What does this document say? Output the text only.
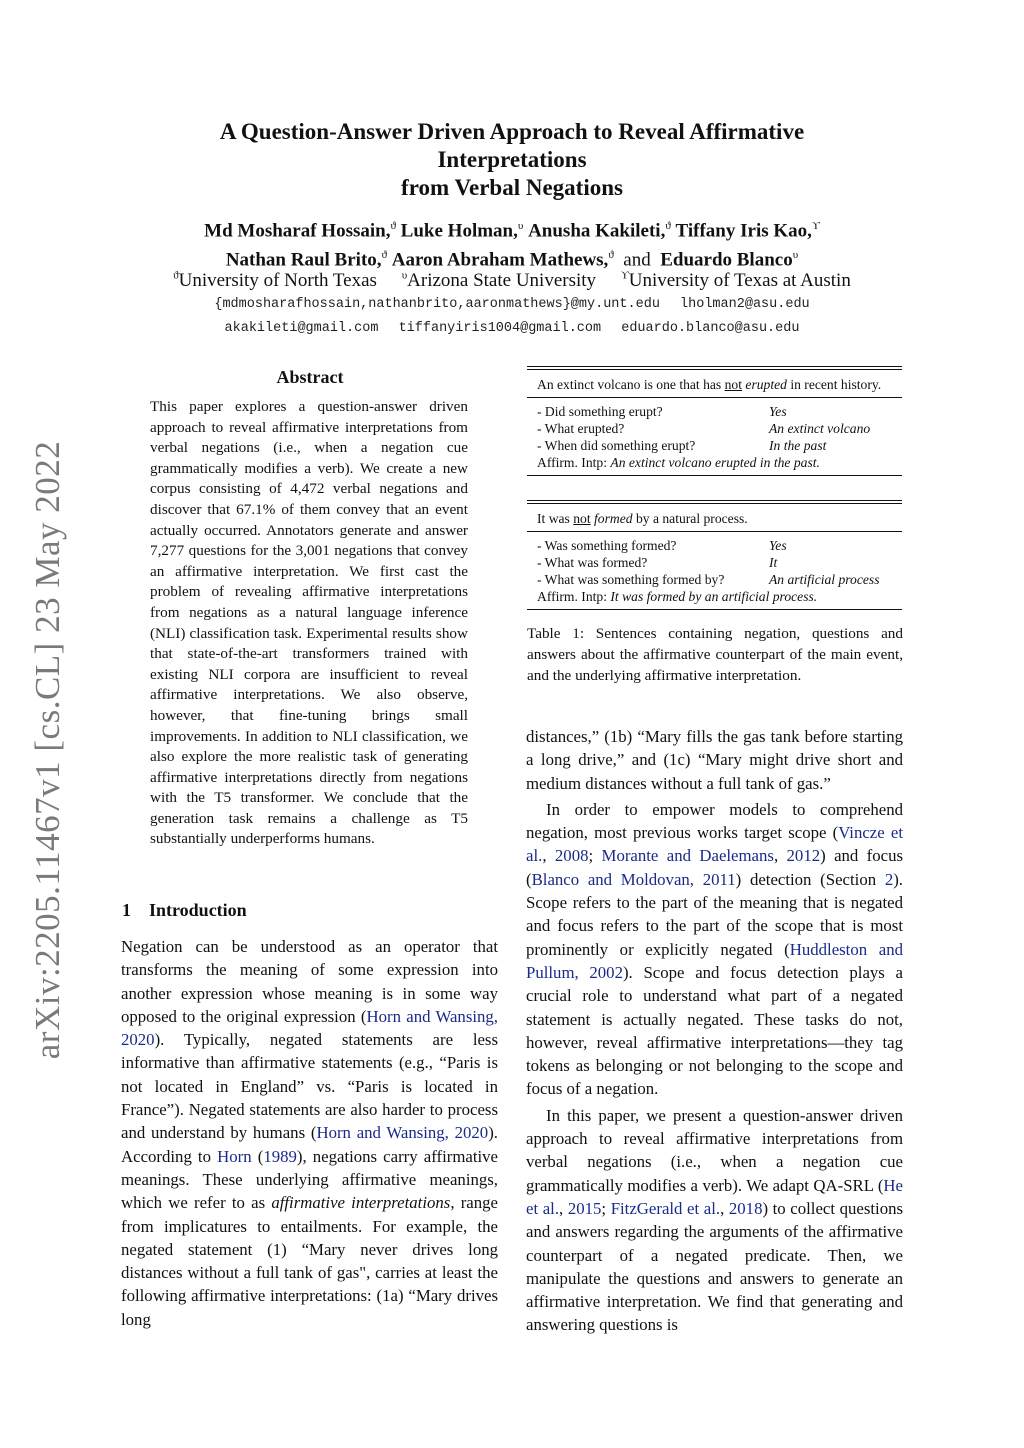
arXiv:2205.11467v1 [cs.CL] 23 May 2022
A Question-Answer Driven Approach to Reveal Affirmative
Interpretations
from Verbal Negations
Md Mosharaf Hossain,$^ϑ$ Luke Holman,$^\upsilon$ Anusha Kakileti,$^ϑ$ Tiffany Iris Kao,$^ϒ$
Nathan Raul Brito,$^ϑ$ Aaron Abraham Mathews,$^ϑ$ and Eduardo Blanco$^\upsilon$
$^ϑ$University of North Texas $^\upsilon$Arizona State University $^ϒ$University of Texas at Austin
{mdmosharafhossain,nathanbrito,aaronmathews}@my.unt.edu lholman2@asu.edu
akakileti@gmail.com tiffanyiris1004@gmail.com eduardo.blanco@asu.edu
Abstract
This paper explores a question-answer driven approach to reveal affirmative interpretations from verbal negations (i.e., when a negation cue grammatically modifies a verb). We create a new corpus consisting of 4,472 verbal negations and discover that 67.1% of them convey that an event actually occurred. Annotators generate and answer 7,277 questions for the 3,001 negations that convey an affirmative interpretation. We first cast the problem of revealing affirmative interpretations from negations as a natural language inference (NLI) classification task. Experimental results show that state-of-the-art transformers trained with existing NLI corpora are insufficient to reveal affirmative interpretations. We also observe, however, that fine-tuning brings small improvements. In addition to NLI classification, we also explore the more realistic task of generating affirmative interpretations directly from negations with the T5 transformer. We conclude that the generation task remains a challenge as T5 substantially underperforms humans.
1 Introduction

Negation can be understood as an operator that transforms the meaning of some expression into another expression whose meaning is in some way opposed to the original expression (Horn and Wansing, 2020). Typically, negated statements are less informative than affirmative statements (e.g., “Paris is not located in England” vs. “Paris is located in France”). Negated statements are also harder to process and understand by humans (Horn and Wansing, 2020). According to Horn (1989), negations carry affirmative meanings. These underlying affirmative meanings, which we refer to as affirmative interpretations, range from implicatures to entailments. For example, the negated statement (1) “Mary never drives long distances without a full tank of gas", carries at least the following affirmative interpretations: (1a) “Mary drives long

An extinct volcano is one that has not erupted in recent history.
- Did something erupt?	Yes
- What erupted?	An extinct volcano
- When did something erupt?	In the past
Affirm. Intp: An extinct volcano erupted in the past.
It was not formed by a natural process.
- Was something formed?	Yes
- What was formed?	It
- What was something formed by?	An artificial process
Affirm. Intp: It was formed by an artificial process.
Table 1: Sentences containing negation, questions and answers about the affirmative counterpart of the main event, and the underlying affirmative interpretation.

distances,” (1b) “Mary fills the gas tank before starting a long drive,” and (1c) “Mary might drive short and medium distances without a full tank of gas.”

In order to empower models to comprehend negation, most previous works target scope (Vincze et al., 2008; Morante and Daelemans, 2012) and focus (Blanco and Moldovan, 2011) detection (Section 2). Scope refers to the part of the meaning that is negated and focus refers to the part of the scope that is most prominently or explicitly negated (Huddleston and Pullum, 2002). Scope and focus detection plays a crucial role to understand what part of a negated statement is actually negated. These tasks do not, however, reveal affirmative interpretations—they tag tokens as belonging or not belonging to the scope and focus of a negation.

In this paper, we present a question-answer driven approach to reveal affirmative interpretations from verbal negations (i.e., when a negation cue grammatically modifies a verb). We adapt QA-SRL (He et al., 2015; FitzGerald et al., 2018) to collect questions and answers regarding the arguments of the affirmative counterpart of a negated predicate. Then, we manipulate the questions and answers to generate an affirmative interpretation. We find that generating and answering questions is
